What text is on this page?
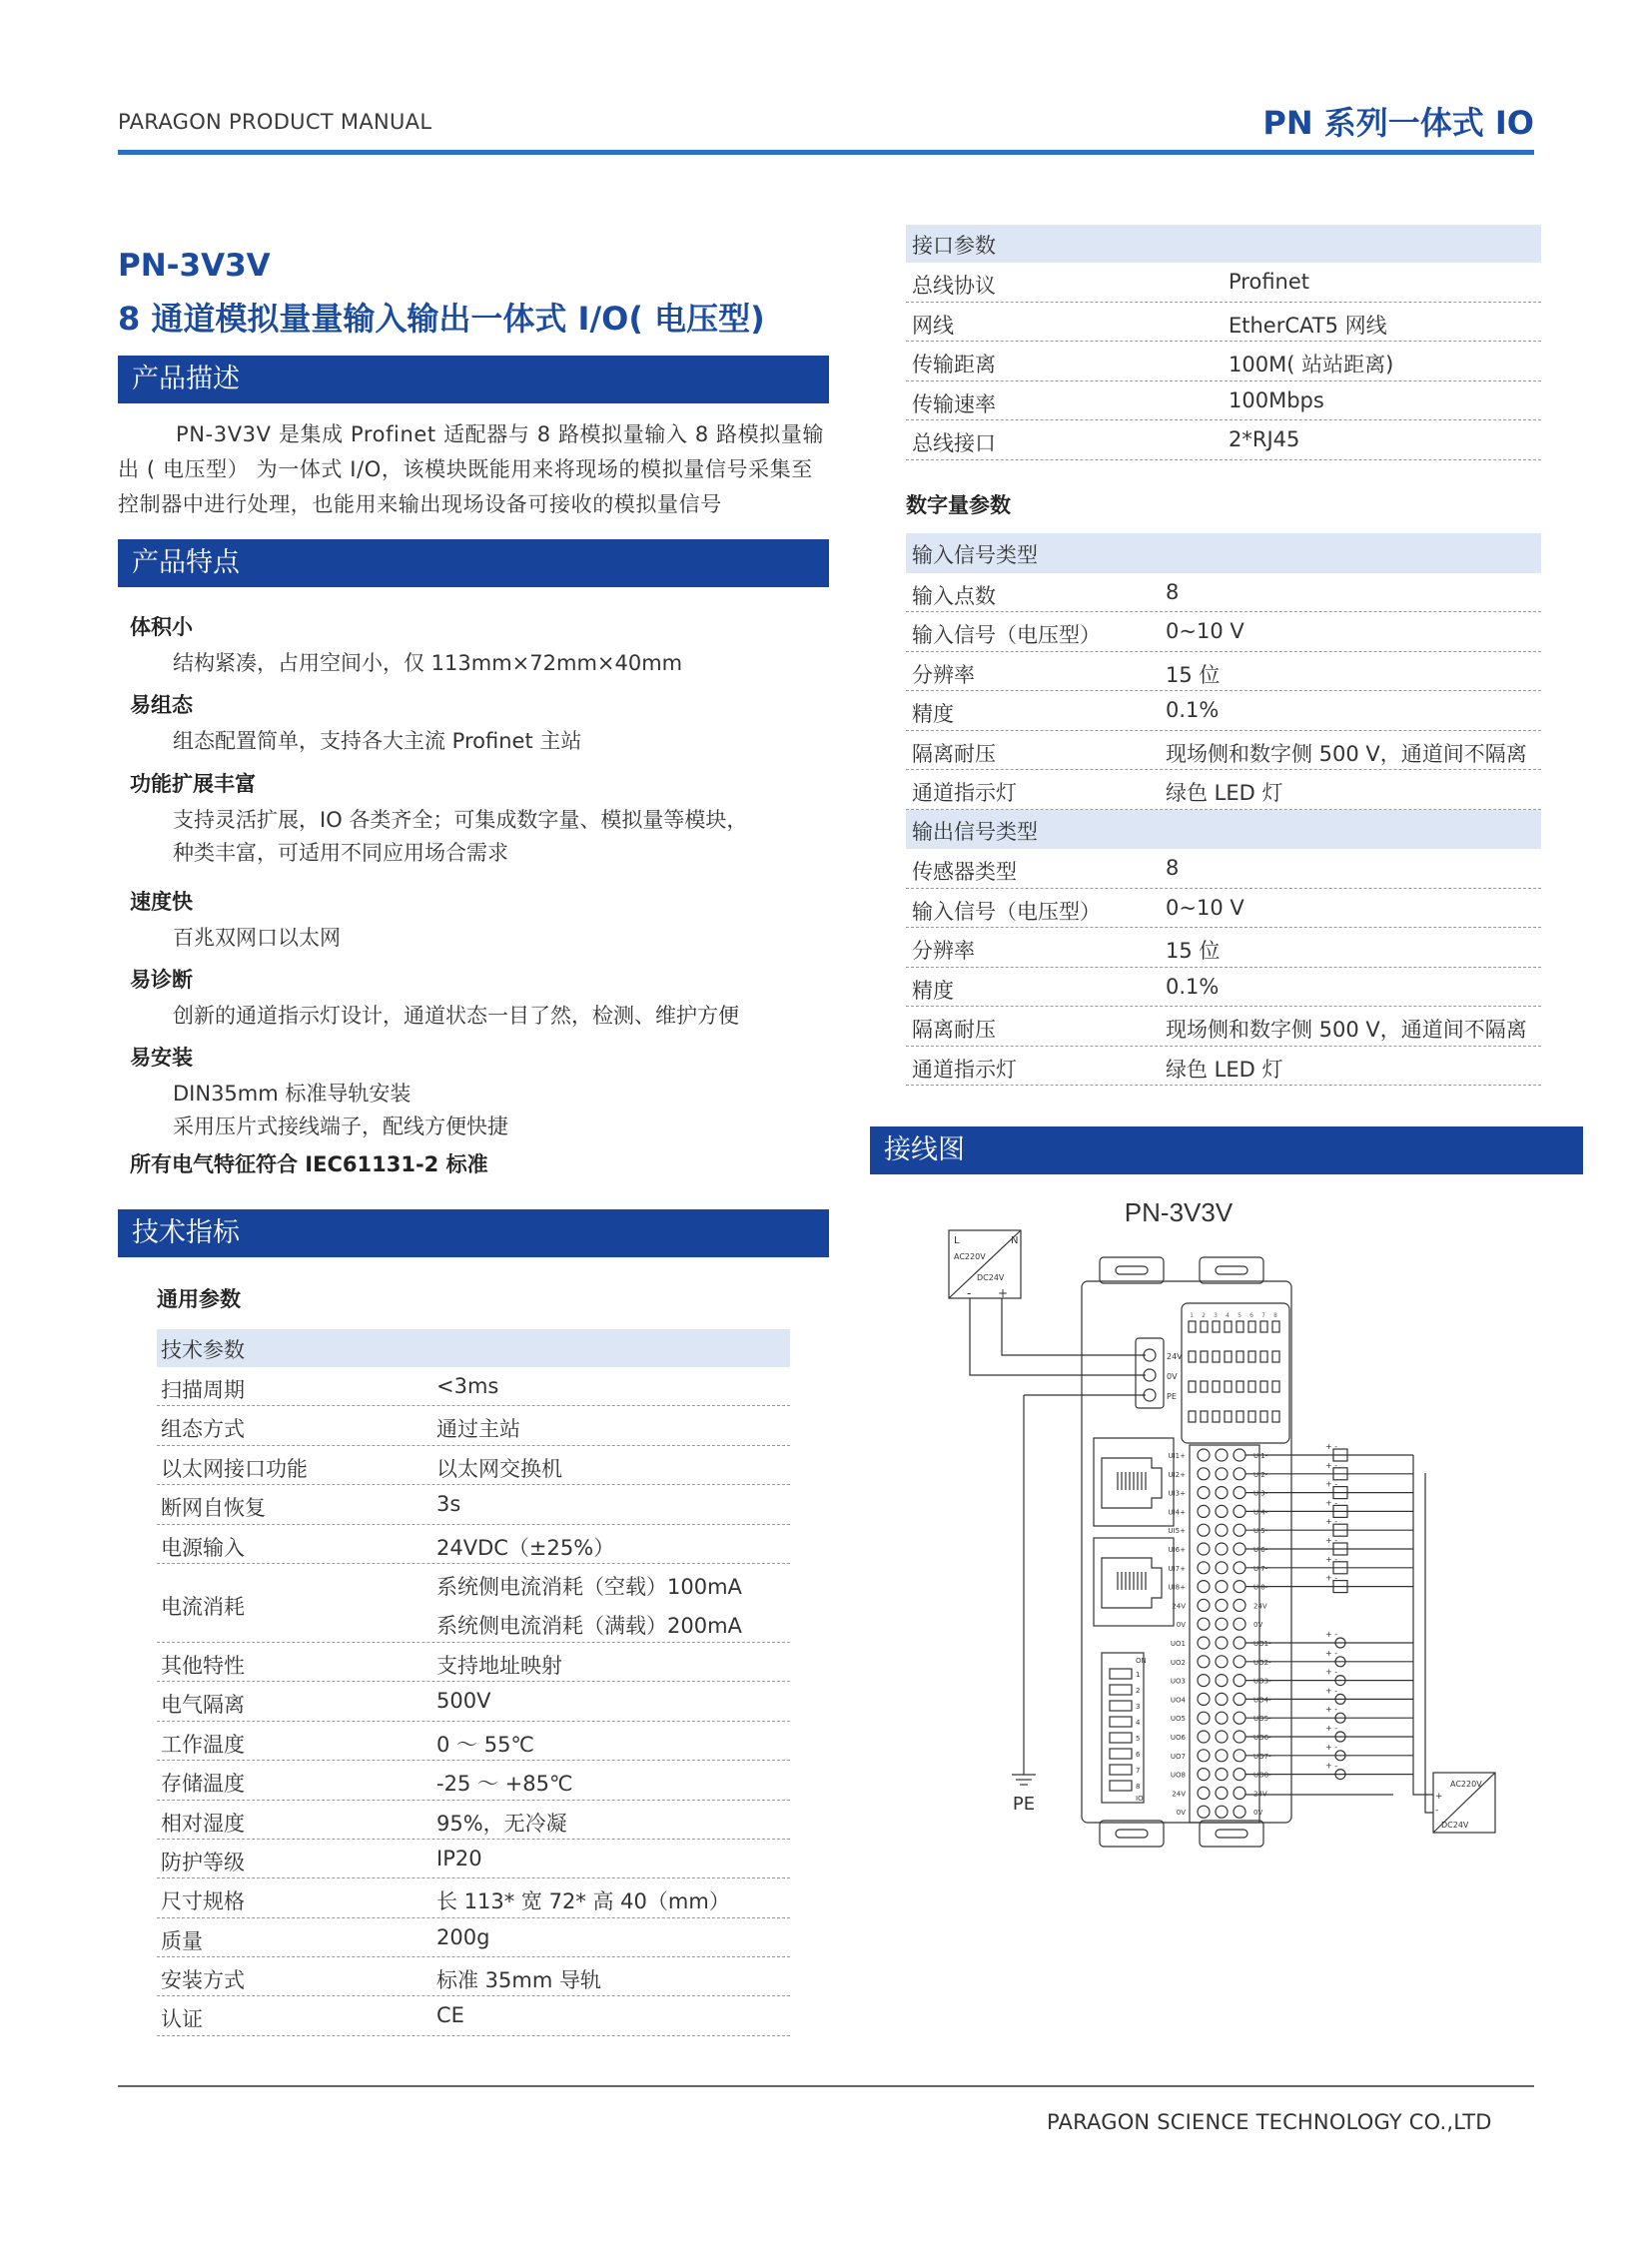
PARAGON PRODUCT MANUAL	PN 系列一体式 IO
PN-3V3V
8 通道模拟量量输入输出一体式 I/O( 电压型)
产品描述
PN-3V3V 是集成 Profinet 适配器与 8 路模拟量输入 8 路模拟量输出 ( 电压型） 为一体式 I/O，该模块既能用来将现场的模拟量信号采集至控制器中进行处理，也能用来输出现场设备可接收的模拟量信号
产品特点
体积小
结构紧凑，占用空间小，仅 113mm×72mm×40mm
易组态
组态配置简单，支持各大主流 Profinet 主站
功能扩展丰富
支持灵活扩展，IO 各类齐全；可集成数字量、模拟量等模块，
种类丰富，可适用不同应用场合需求
速度快
百兆双网口以太网
易诊断
创新的通道指示灯设计，通道状态一目了然，检测、维护方便
易安装
DIN35mm 标准导轨安装
采用压片式接线端子，配线方便快捷
所有电气特征符合 IEC61131-2 标准
技术指标
通用参数
技术参数
扫描周期	<3ms
组态方式	通过主站
以太网接口功能	以太网交换机
断网自恢复	3s
电源输入	24VDC（±25%）
电流消耗
系统侧电流消耗（空载）100mA
系统侧电流消耗（满载）200mA
其他特性	支持地址映射
电气隔离	500V
工作温度	0 ～ 55℃
存储温度	-25 ～ +85℃
相对湿度	95%，无冷凝
防护等级	IP20
尺寸规格	长 113* 宽 72* 高 40（mm）
质量	200g
安装方式	标准 35mm 导轨
认证	CE
接口参数
总线协议	Profinet
网线	EtherCAT5 网线
传输距离	100M( 站站距离)
传输速率	100Mbps
总线接口	2*RJ45
数字量参数
输入信号类型
输入点数	8
输入信号（电压型）	0~10 V
分辨率	15 位
精度	0.1%
隔离耐压	现场侧和数字侧 500 V，通道间不隔离
通道指示灯	绿色 LED 灯
输出信号类型
传感器类型	8
输入信号（电压型）	0~10 V
分辨率	15 位
精度	0.1%
隔离耐压	现场侧和数字侧 500 V，通道间不隔离
通道指示灯	绿色 LED 灯
接线图
PN-3V3V
L	N
AC220V
DC24V
- +
PE
24V
0V
PE
1 2 3 4 5 6 7 8
1
2
3
4
5
6
7
8
ON
IO
UI1+	UI1-
UI2+	UI2-
UI3+	UI3-
UI4+	UI4-
UI5+	UI5-
UI6+	UI6-
UI7+	UI7-
UI8+	UI8-
24V	24V
0V	0V
UO1	UO1-
UO2	UO2-
UO3	UO3-
UO4	UO4-
UO5	UO5-
UO6	UO6-
UO7	UO7-
UO8	UO8-
24V	24V
0V	0V
+ -
+ -
+ -
+ -
+ -
+ -
+ -
+ -
+ -
+ -
+ -
+ -
+ -
+ -
+ -
+ -
AC220V
DC24V
+
-
PARAGON SCIENCE TECHNOLOGY CO.,LTD
